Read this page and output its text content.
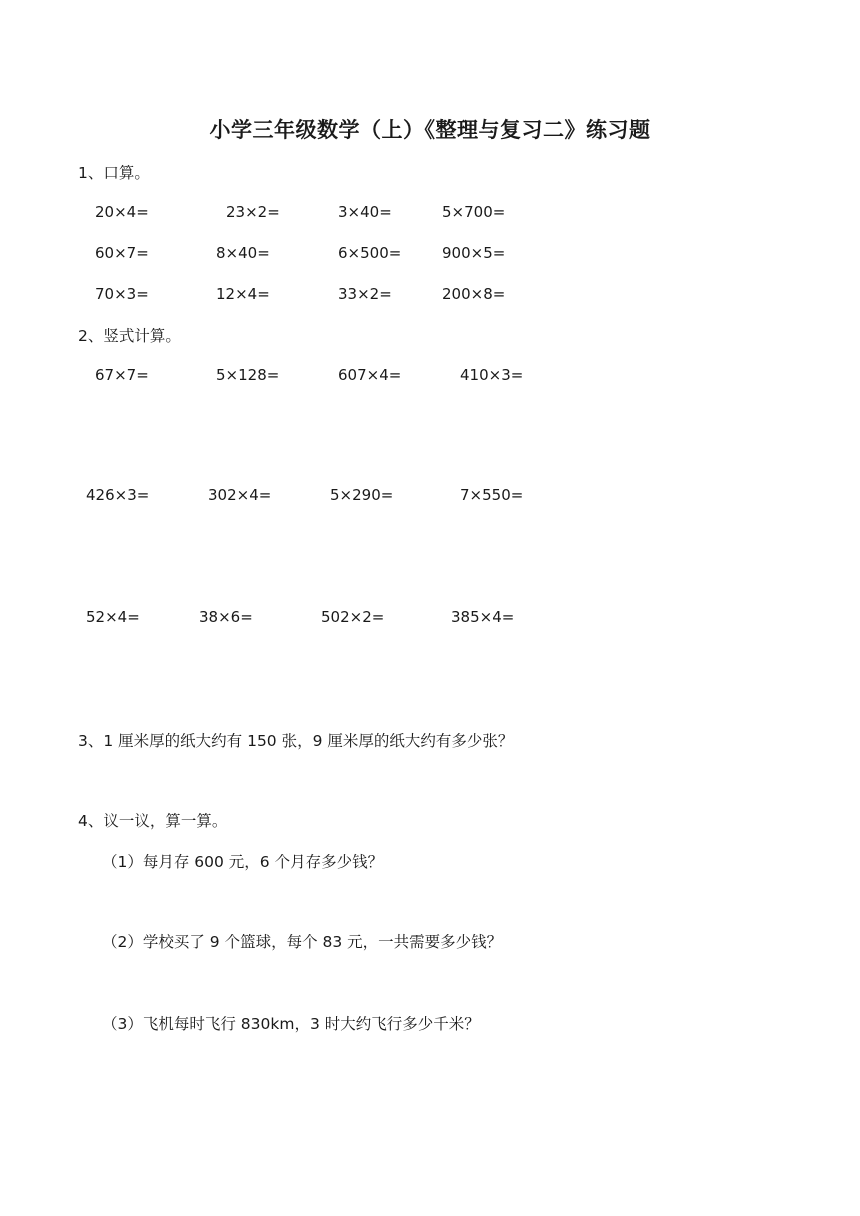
小学三年级数学（上）《整理与复习二》练习题
1、口算。
20×4=	23×2=	3×40=	5×700=
60×7=	8×40=	6×500=	900×5=
70×3=	12×4=	33×2=	200×8=
2、竖式计算。
67×7=	5×128=	607×4=	410×3=
426×3=	302×4=	5×290=	7×550=
52×4=	38×6=	502×2=	385×4=
3、1 厘米厚的纸大约有 150 张，9 厘米厚的纸大约有多少张？
4、议一议，算一算。
（1）每月存 600 元，6 个月存多少钱？
（2）学校买了 9 个篮球，每个 83 元，一共需要多少钱？
（3）飞机每时飞行 830km，3 时大约飞行多少千米？
